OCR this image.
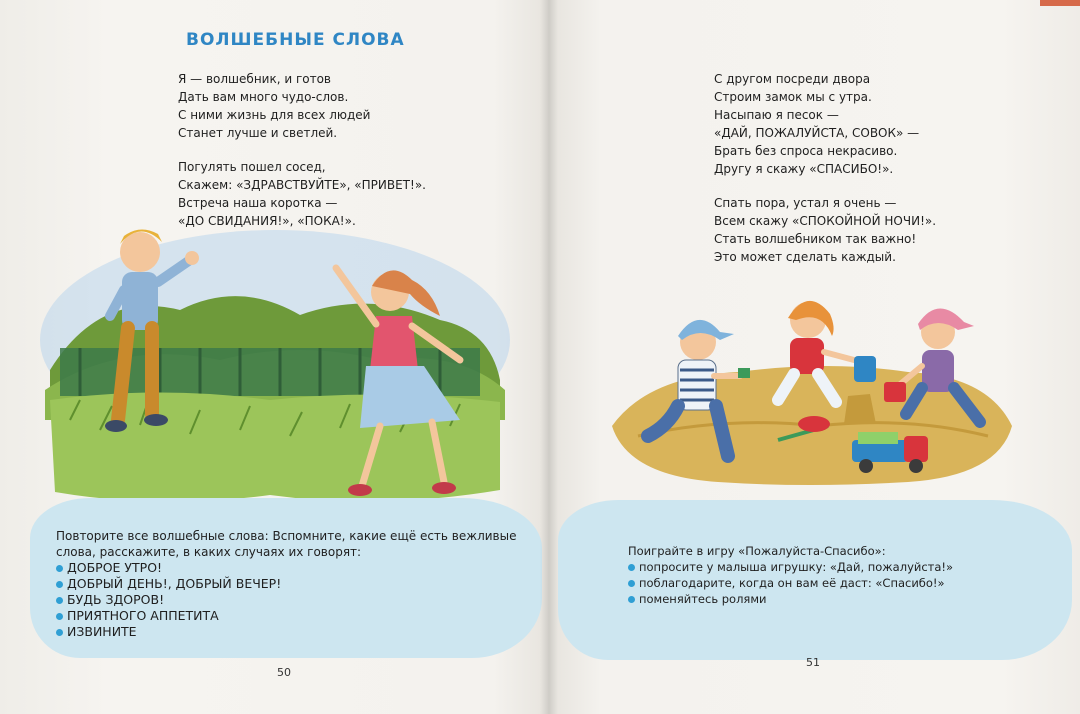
ВОЛШЕБНЫЕ СЛОВА
Я — волшебник, и готов
Дать вам много чудо-слов.
С ними жизнь для всех людей
Станет лучше и светлей.
Погулять пошел сосед,
Скажем: «ЗДРАВСТВУЙТЕ», «ПРИВЕТ!».
Встреча наша коротка —
«ДО СВИДАНИЯ!», «ПОКА!».
Повторите все волшебные слова: Вспомните, какие ещё есть вежливые
слова, расскажите, в каких случаях их говорят:
ДОБРОЕ УТРО!
ДОБРЫЙ ДЕНЬ!, ДОБРЫЙ ВЕЧЕР!
БУДЬ ЗДОРОВ!
ПРИЯТНОГО АППЕТИТА
ИЗВИНИТЕ
50
С другом посреди двора
Строим замок мы с утра.
Насыпаю я песок —
«ДАЙ, ПОЖАЛУЙСТА, СОВОК» —
Брать без спроса некрасиво.
Другу я скажу «СПАСИБО!».
Спать пора, устал я очень —
Всем скажу «СПОКОЙНОЙ НОЧИ!».
Стать волшебником так важно!
Это может сделать каждый.
Поиграйте в игру «Пожалуйста-Спасибо»:
попросите у малыша игрушку: «Дай, пожалуйста!»
поблагодарите, когда он вам её даст: «Спасибо!»
поменяйтесь ролями
51
